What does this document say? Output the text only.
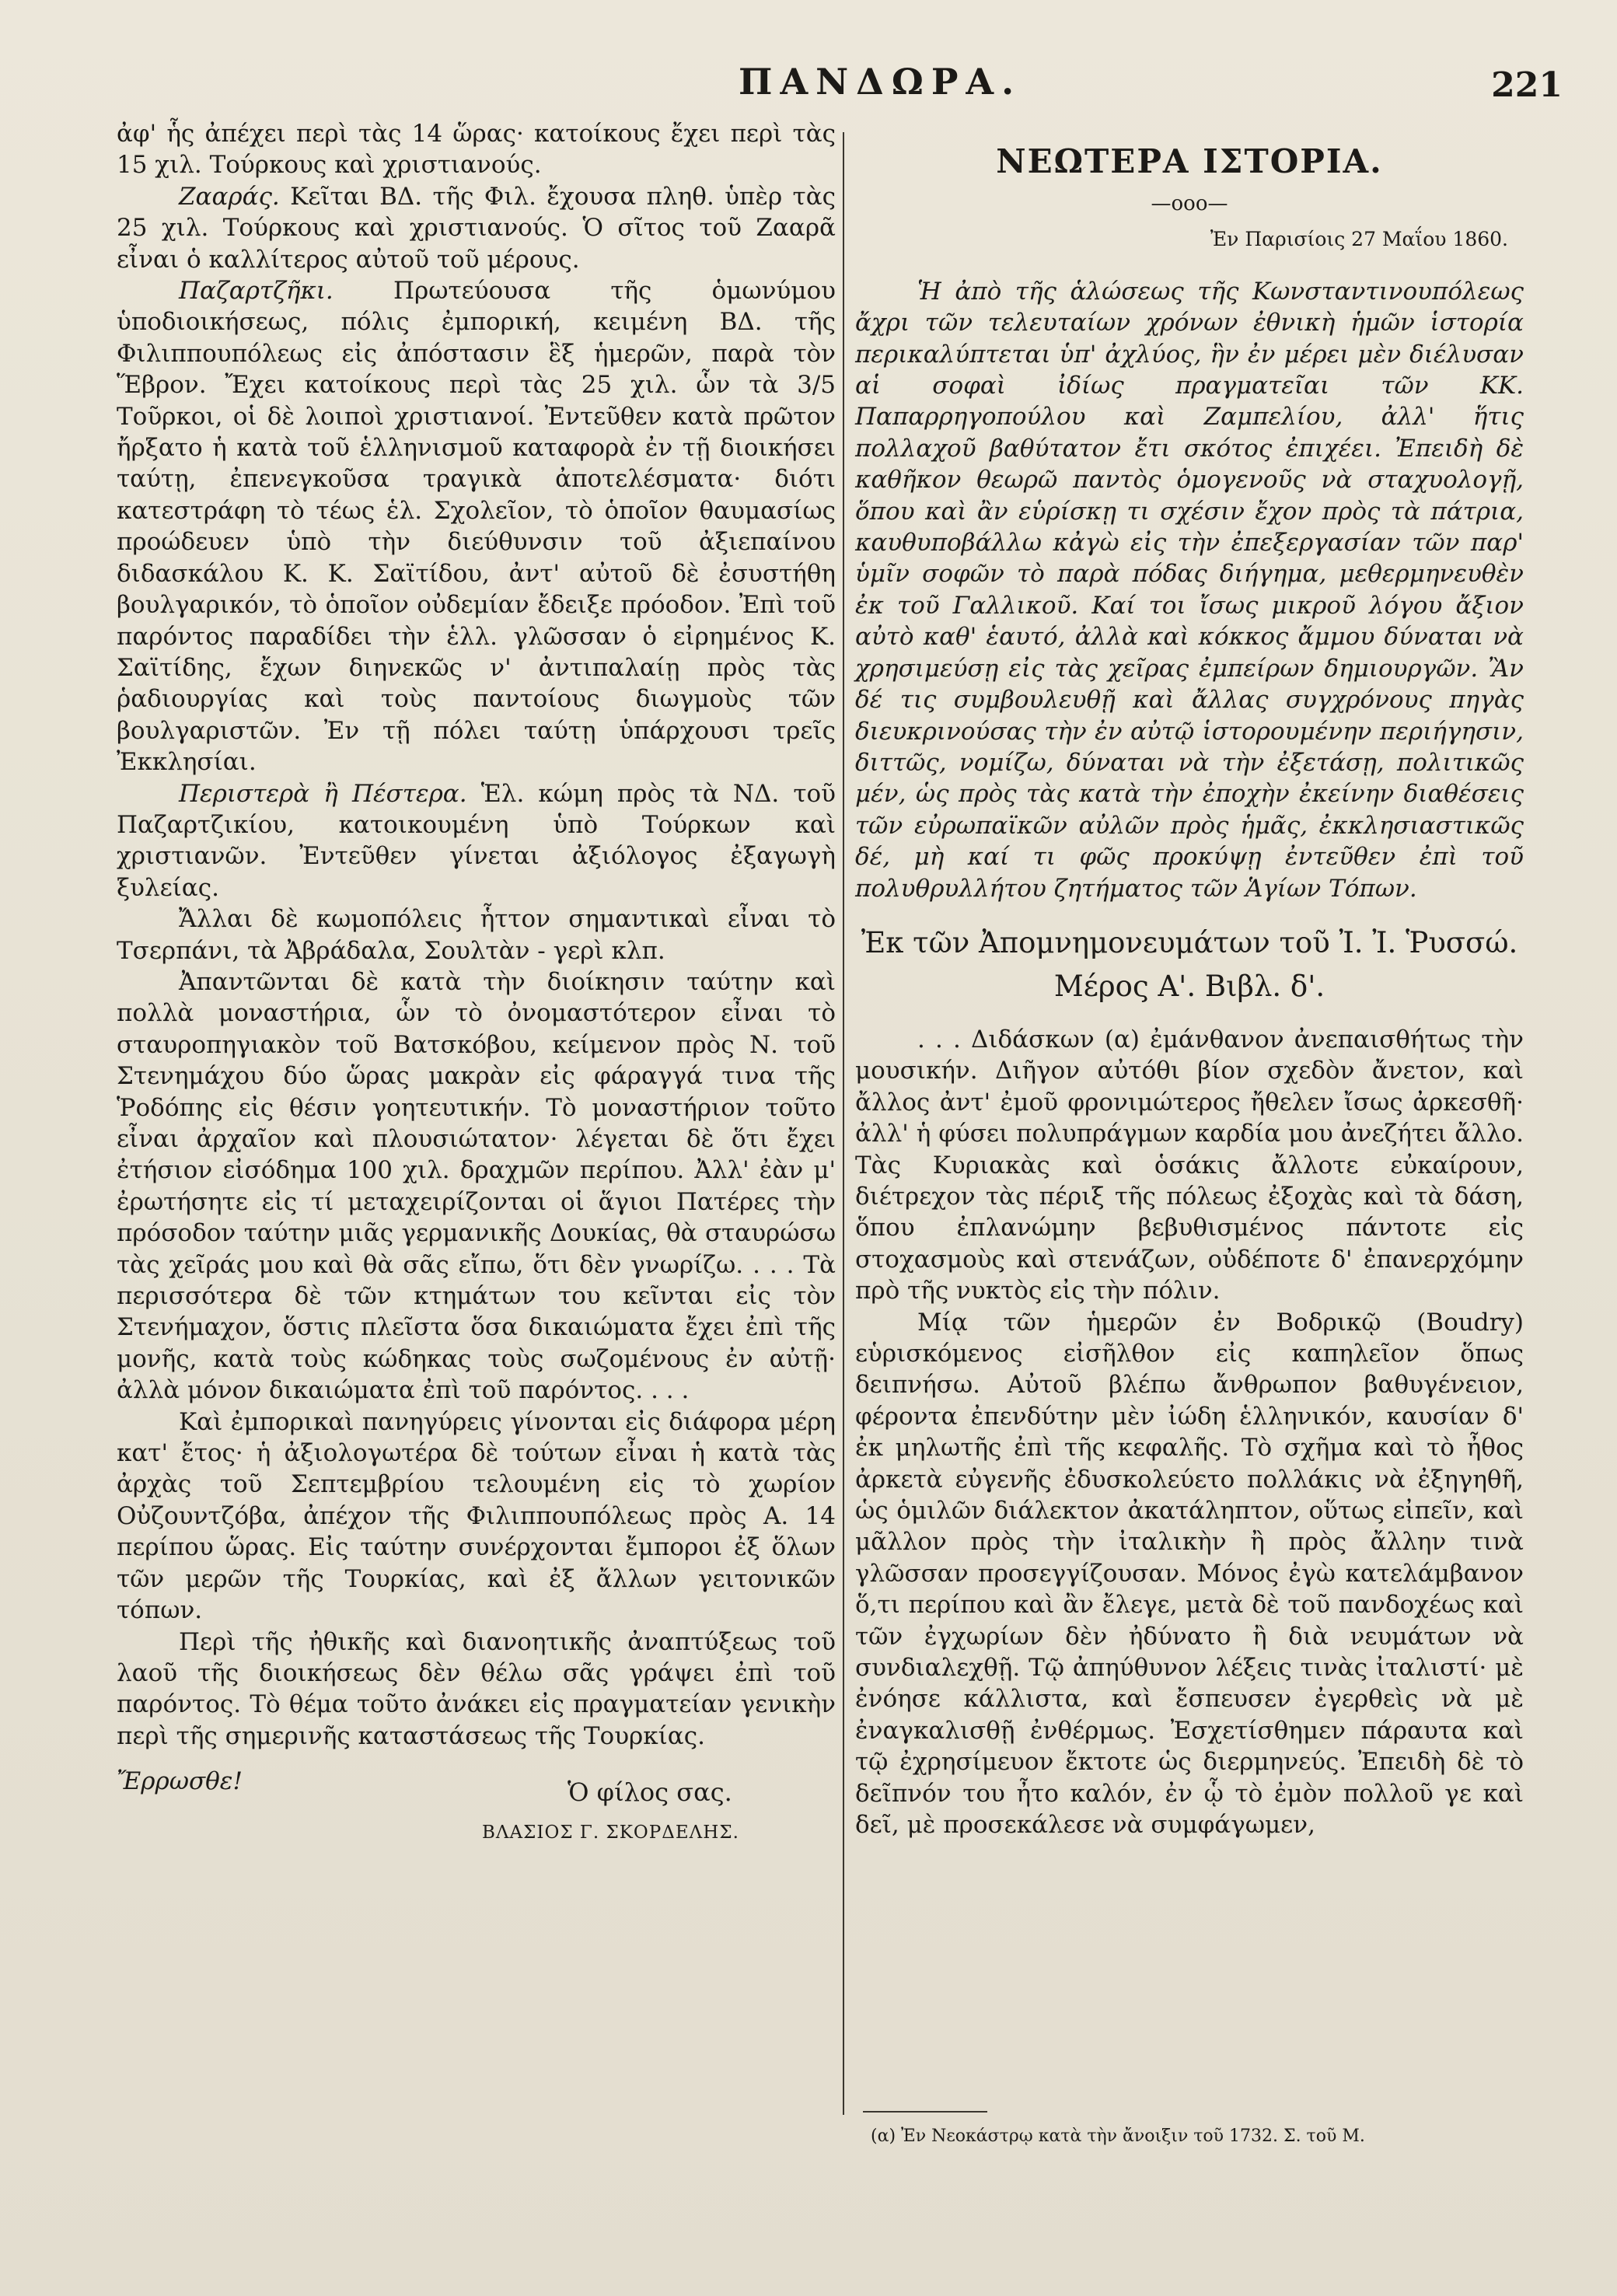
ΠΑΝΔΩΡΑ.	221

ἀφ' ἧς ἀπέχει περὶ τὰς 14 ὥρας· κατοίκους ἔχει περὶ τὰς 15 χιλ. Τούρκους καὶ χριστιανούς.

Ζααράς. Κεῖται ΒΔ. τῆς Φιλ. ἔχουσα πληθ. ὑπὲρ τὰς 25 χιλ. Τούρκους καὶ χριστιανούς. Ὁ σῖτος τοῦ Ζααρᾶ εἶναι ὁ καλλίτερος αὐτοῦ τοῦ μέρους.

Παζαρτζῆκι. Πρωτεύουσα τῆς ὁμωνύμου ὑποδιοικήσεως, πόλις ἐμπορική, κειμένη ΒΔ. τῆς Φιλιππουπόλεως εἰς ἀπόστασιν ἓξ ἡμερῶν, παρὰ τὸν Ἕβρον. Ἔχει κατοίκους περὶ τὰς 25 χιλ. ὧν τὰ 3/5 Τοῦρκοι, οἱ δὲ λοιποὶ χριστιανοί. Ἐντεῦθεν κατὰ πρῶτον ἤρξατο ἡ κατὰ τοῦ ἑλληνισμοῦ καταφορὰ ἐν τῇ διοικήσει ταύτῃ, ἐπενεγκοῦσα τραγικὰ ἀποτελέσματα· διότι κατεστράφη τὸ τέως ἑλ. Σχολεῖον, τὸ ὁποῖον θαυμασίως προώδευεν ὑπὸ τὴν διεύθυνσιν τοῦ ἀξιεπαίνου διδασκάλου Κ. Κ. Σαϊτίδου, ἀντ' αὐτοῦ δὲ ἐσυστήθη βουλγαρικόν, τὸ ὁποῖον οὐδεμίαν ἔδειξε πρόοδον. Ἐπὶ τοῦ παρόντος παραδίδει τὴν ἑλλ. γλῶσσαν ὁ εἰρημένος Κ. Σαϊτίδης, ἔχων διηνεκῶς ν' ἀντιπαλαίῃ πρὸς τὰς ῥαδιουργίας καὶ τοὺς παντοίους διωγμοὺς τῶν βουλγαριστῶν. Ἐν τῇ πόλει ταύτῃ ὑπάρχουσι τρεῖς Ἐκκλησίαι.

Περιστερὰ ἢ Πέστερα. Ἑλ. κώμη πρὸς τὰ ΝΔ. τοῦ Παζαρτζικίου, κατοικουμένη ὑπὸ Τούρκων καὶ χριστιανῶν. Ἐντεῦθεν γίνεται ἀξιόλογος ἐξαγωγὴ ξυλείας.

Ἄλλαι δὲ κωμοπόλεις ἧττον σημαντικαὶ εἶναι τὸ Τσερπάνι, τὰ Ἀβράδαλα, Σουλτὰν - γερὶ κλπ.

Ἀπαντῶνται δὲ κατὰ τὴν διοίκησιν ταύτην καὶ πολλὰ μοναστήρια, ὧν τὸ ὀνομαστότερον εἶναι τὸ σταυροπηγιακὸν τοῦ Βατσκόβου, κείμενον πρὸς Ν. τοῦ Στενημάχου δύο ὥρας μακρὰν εἰς φάραγγά τινα τῆς Ῥοδόπης εἰς θέσιν γοητευτικήν. Τὸ μοναστήριον τοῦτο εἶναι ἀρχαῖον καὶ πλουσιώτατον· λέγεται δὲ ὅτι ἔχει ἐτήσιον εἰσόδημα 100 χιλ. δραχμῶν περίπου. Ἀλλ' ἐὰν μ' ἐρωτήσητε εἰς τί μεταχειρίζονται οἱ ἅγιοι Πατέρες τὴν πρόσοδον ταύτην μιᾶς γερμανικῆς Δουκίας, θὰ σταυρώσω τὰς χεῖράς μου καὶ θὰ σᾶς εἴπω, ὅτι δὲν γνωρίζω. . . . Τὰ περισσότερα δὲ τῶν κτημάτων του κεῖνται εἰς τὸν Στενήμαχον, ὅστις πλεῖστα ὅσα δικαιώματα ἔχει ἐπὶ τῆς μονῆς, κατὰ τοὺς κώδηκας τοὺς σωζομένους ἐν αὐτῇ· ἀλλὰ μόνον δικαιώματα ἐπὶ τοῦ παρόντος. . . .

Καὶ ἐμπορικαὶ πανηγύρεις γίνονται εἰς διάφορα μέρη κατ' ἔτος· ἡ ἀξιολογωτέρα δὲ τούτων εἶναι ἡ κατὰ τὰς ἀρχὰς τοῦ Σεπτεμβρίου τελουμένη εἰς τὸ χωρίον Οὐζουντζόβα, ἀπέχον τῆς Φιλιππουπόλεως πρὸς Α. 14 περίπου ὥρας. Εἰς ταύτην συνέρχονται ἔμποροι ἐξ ὅλων τῶν μερῶν τῆς Τουρκίας, καὶ ἐξ ἄλλων γειτονικῶν τόπων.

Περὶ τῆς ἠθικῆς καὶ διανοητικῆς ἀναπτύξεως τοῦ λαοῦ τῆς διοικήσεως δὲν θέλω σᾶς γράψει ἐπὶ τοῦ παρόντος. Τὸ θέμα τοῦτο ἀνάκει εἰς πραγματείαν γενικὴν περὶ τῆς σημερινῆς καταστάσεως τῆς Τουρκίας.

Ἔρρωσθε!	Ὁ φίλος σας.
ΒΛΑΣΙΟΣ Γ. ΣΚΟΡΔΕΛΗΣ.
ΝΕΩΤΕΡΑ ΙΣΤΟΡΙΑ.
—ooo—
Ἐν Παρισίοις 27 Μαΐου 1860.

Ἡ ἀπὸ τῆς ἁλώσεως τῆς Κωνσταντινουπόλεως ἄχρι τῶν τελευταίων χρόνων ἐθνικὴ ἡμῶν ἱστορία περικαλύπτεται ὑπ' ἀχλύος, ἣν ἐν μέρει μὲν διέλυσαν αἱ σοφαὶ ἰδίως πραγματεῖαι τῶν ΚΚ. Παπαρρηγοπούλου καὶ Ζαμπελίου, ἀλλ' ἥτις πολλαχοῦ βαθύτατον ἔτι σκότος ἐπιχέει. Ἐπειδὴ δὲ καθῆκον θεωρῶ παντὸς ὁμογενοῦς νὰ σταχυολογῇ, ὅπου καὶ ἂν εὑρίσκῃ τι σχέσιν ἔχον πρὸς τὰ πάτρια, καυθυποβάλλω κἀγὼ εἰς τὴν ἐπεξεργασίαν τῶν παρ' ὑμῖν σοφῶν τὸ παρὰ πόδας διήγημα, μεθερμηνευθὲν ἐκ τοῦ Γαλλικοῦ. Καί τοι ἴσως μικροῦ λόγου ἄξιον αὐτὸ καθ' ἑαυτό, ἀλλὰ καὶ κόκκος ἄμμου δύναται νὰ χρησιμεύσῃ εἰς τὰς χεῖρας ἐμπείρων δημιουργῶν. Ἂν δέ τις συμβουλευθῇ καὶ ἄλλας συγχρόνους πηγὰς διευκρινούσας τὴν ἐν αὐτῷ ἱστορουμένην περιήγησιν, διττῶς, νομίζω, δύναται νὰ τὴν ἐξετάσῃ, πολιτικῶς μέν, ὡς πρὸς τὰς κατὰ τὴν ἐποχὴν ἐκείνην διαθέσεις τῶν εὐρωπαϊκῶν αὐλῶν πρὸς ἡμᾶς, ἐκκλησιαστικῶς δέ, μὴ καί τι φῶς προκύψῃ ἐντεῦθεν ἐπὶ τοῦ πολυθρυλλήτου ζητήματος τῶν Ἁγίων Τόπων.

Ἐκ τῶν Ἀπομνημονευμάτων τοῦ Ἰ. Ἰ. Ῥυσσώ. Μέρος Α'. Βιβλ. δ'.

. . . Διδάσκων (α) ἐμάνθανον ἀνεπαισθήτως τὴν μουσικήν. Διῆγον αὐτόθι βίον σχεδὸν ἄνετον, καὶ ἄλλος ἀντ' ἐμοῦ φρονιμώτερος ἤθελεν ἴσως ἀρκεσθῆ· ἀλλ' ἡ φύσει πολυπράγμων καρδία μου ἀνεζήτει ἄλλο. Τὰς Κυριακὰς καὶ ὁσάκις ἄλλοτε εὐκαίρουν, διέτρεχον τὰς πέριξ τῆς πόλεως ἐξοχὰς καὶ τὰ δάση, ὅπου ἐπλανώμην βεβυθισμένος πάντοτε εἰς στοχασμοὺς καὶ στενάζων, οὐδέποτε δ' ἐπανερχόμην πρὸ τῆς νυκτὸς εἰς τὴν πόλιν.

Μίᾳ τῶν ἡμερῶν ἐν Βοδρικῷ (Boudry) εὑρισκόμενος εἰσῆλθον εἰς καπηλεῖον ὅπως δειπνήσω. Αὐτοῦ βλέπω ἄνθρωπον βαθυγένειον, φέροντα ἐπενδύτην μὲν ἰώδη ἑλληνικόν, καυσίαν δ' ἐκ μηλωτῆς ἐπὶ τῆς κεφαλῆς. Τὸ σχῆμα καὶ τὸ ἦθος ἀρκετὰ εὐγενῆς ἐδυσκολεύετο πολλάκις νὰ ἐξηγηθῆ, ὡς ὁμιλῶν διάλεκτον ἀκατάληπτον, οὕτως εἰπεῖν, καὶ μᾶλλον πρὸς τὴν ἰταλικὴν ἢ πρὸς ἄλλην τινὰ γλῶσσαν προσεγγίζουσαν. Μόνος ἐγὼ κατελάμβανον ὅ,τι περίπου καὶ ἂν ἔλεγε, μετὰ δὲ τοῦ πανδοχέως καὶ τῶν ἐγχωρίων δὲν ἠδύνατο ἢ διὰ νευμάτων νὰ συνδιαλεχθῇ. Τῷ ἀπηύθυνον λέξεις τινὰς ἰταλιστί· μὲ ἐνόησε κάλλιστα, καὶ ἔσπευσεν ἐγερθεὶς νὰ μὲ ἐναγκαλισθῇ ἐνθέρμως. Ἐσχετίσθημεν πάραυτα καὶ τῷ ἐχρησίμευον ἔκτοτε ὡς διερμηνεύς. Ἐπειδὴ δὲ τὸ δεῖπνόν του ἦτο καλόν, ἐν ᾧ τὸ ἐμὸν πολλοῦ γε καὶ δεῖ, μὲ προσεκάλεσε νὰ συμφάγωμεν,

(α) Ἐν Νεοκάστρῳ κατὰ τὴν ἄνοιξιν τοῦ 1732. Σ. τοῦ Μ.
